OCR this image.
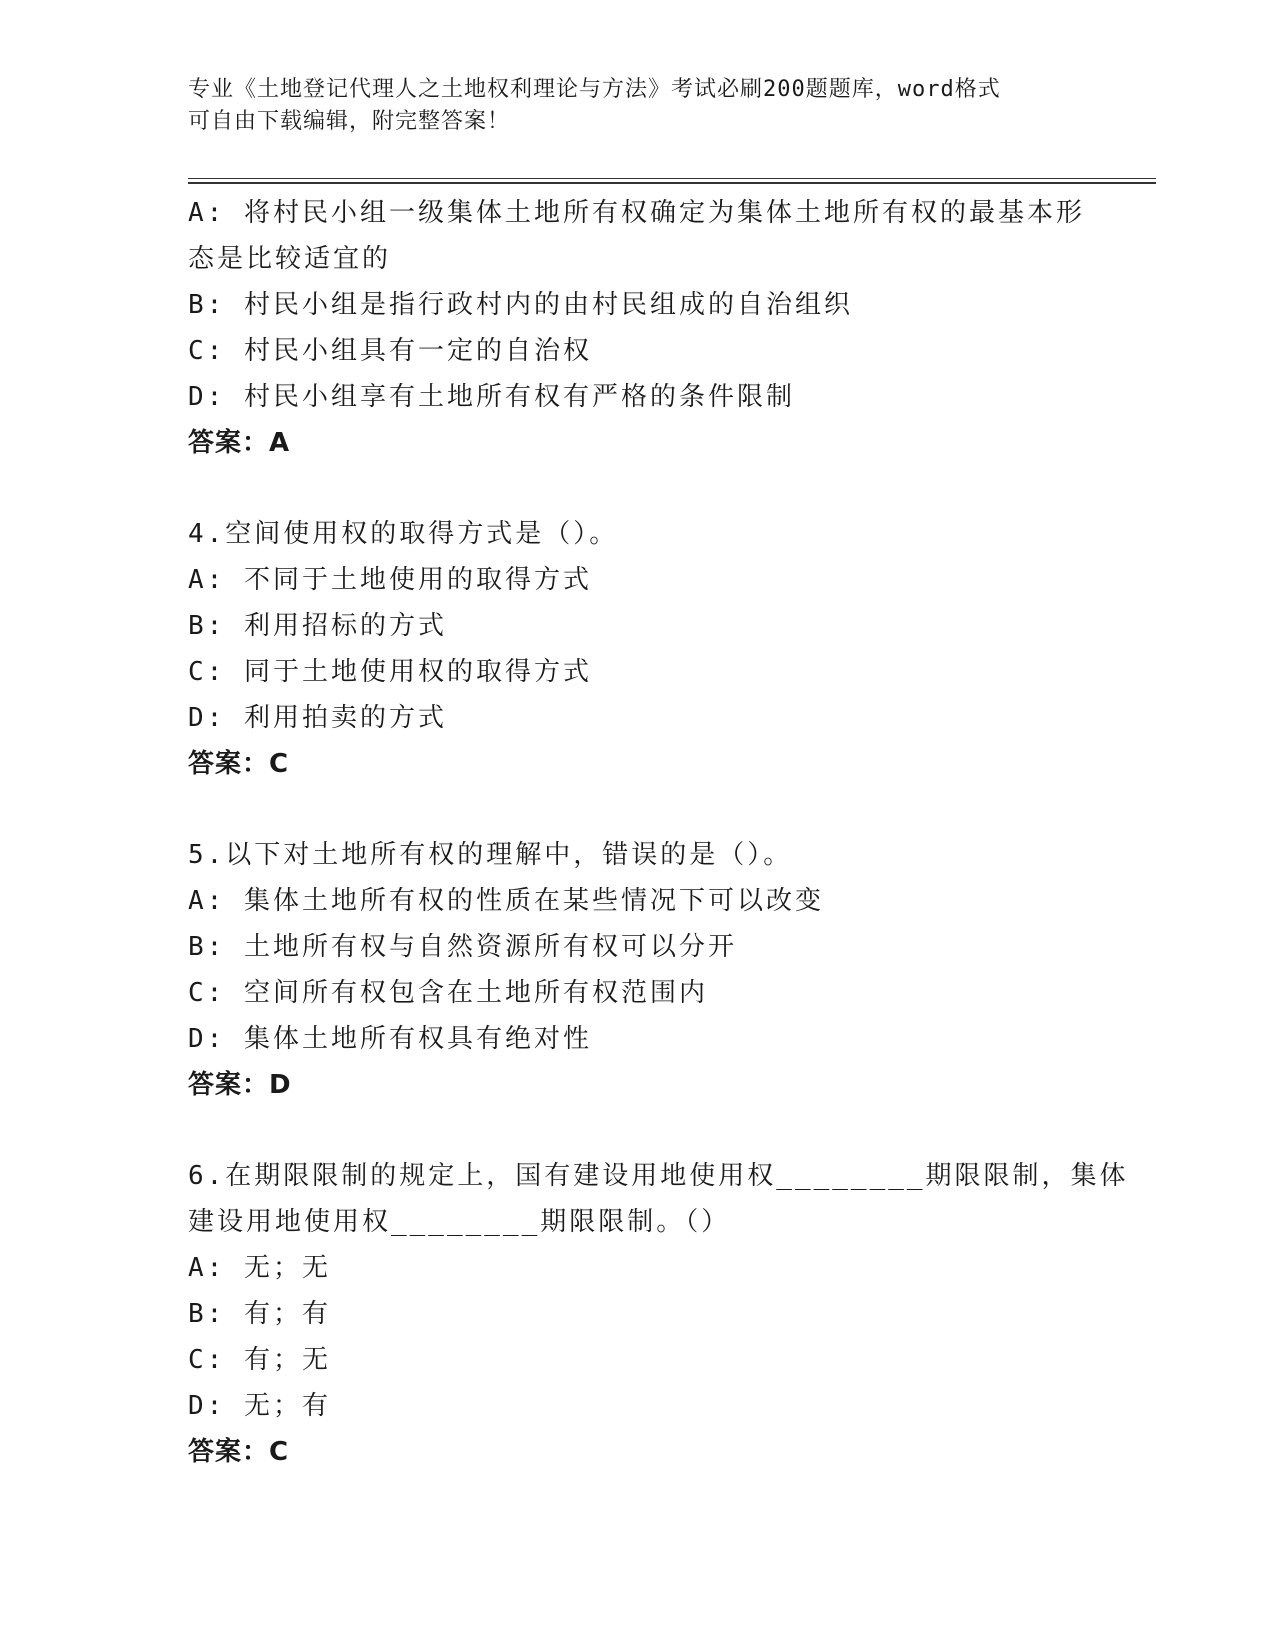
专业《土地登记代理人之土地权利理论与方法》考试必刷200题题库，word格式
可自由下载编辑，附完整答案！
A: 将村民小组一级集体土地所有权确定为集体土地所有权的最基本形
态是比较适宜的
B: 村民小组是指行政村内的由村民组成的自治组织
C: 村民小组具有一定的自治权
D: 村民小组享有土地所有权有严格的条件限制
答案：A
4.空间使用权的取得方式是（）。
A: 不同于土地使用的取得方式
B: 利用招标的方式
C: 同于土地使用权的取得方式
D: 利用拍卖的方式
答案：C
5.以下对土地所有权的理解中，错误的是（）。
A: 集体土地所有权的性质在某些情况下可以改变
B: 土地所有权与自然资源所有权可以分开
C: 空间所有权包含在土地所有权范围内
D: 集体土地所有权具有绝对性
答案：D
6.在期限限制的规定上，国有建设用地使用权________期限限制，集体
建设用地使用权________期限限制。（）
A: 无；无
B: 有；有
C: 有；无
D: 无；有
答案：C
